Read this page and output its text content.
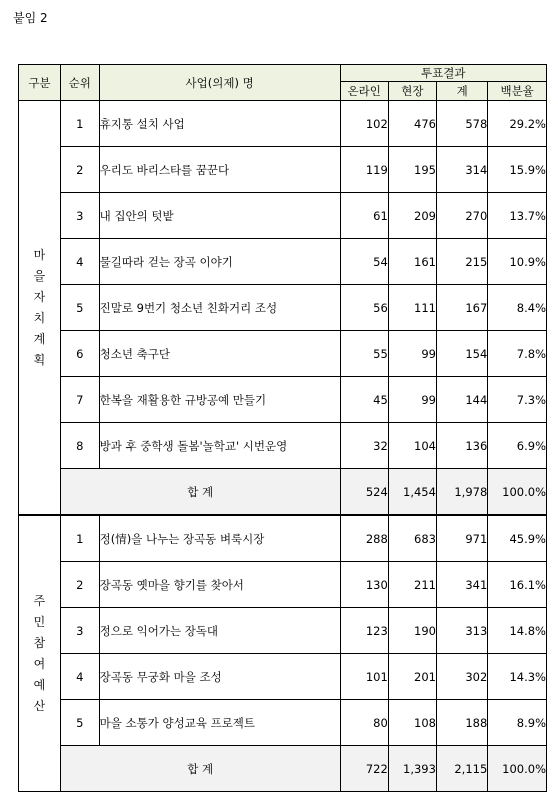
붙임 2
구분	순위	사업(의제) 명	투표결과			
			온라인	현장	계	백분율
마을자치계획	1	휴지통 설치 사업	102	476	578	29.2%
	2	우리도 바리스타를 꿈꾼다	119	195	314	15.9%
	3	내 집안의 텃밭	61	209	270	13.7%
	4	물길따라 걷는 장곡 이야기	54	161	215	10.9%
	5	진말로 9번기 청소년 친화거리 조성	56	111	167	8.4%
	6	청소년 축구단	55	99	154	7.8%
	7	한복을 재활용한 규방공예 만들기	45	99	144	7.3%
	8	방과 후 중학생 돌봄'놀학교' 시번운영	32	104	136	6.9%
	합 계		524	1,454	1,978	100.0%
주민참여예산	1	정(情)을 나누는 장곡동 벼룩시장	288	683	971	45.9%
	2	장곡동 옛마을 향기를 찾아서	130	211	341	16.1%
	3	정으로 익어가는 장독대	123	190	313	14.8%
	4	장곡동 무궁화 마을 조성	101	201	302	14.3%
	5	마을 소통가 양성교육 프로젝트	80	108	188	8.9%
	합 계		722	1,393	2,115	100.0%
